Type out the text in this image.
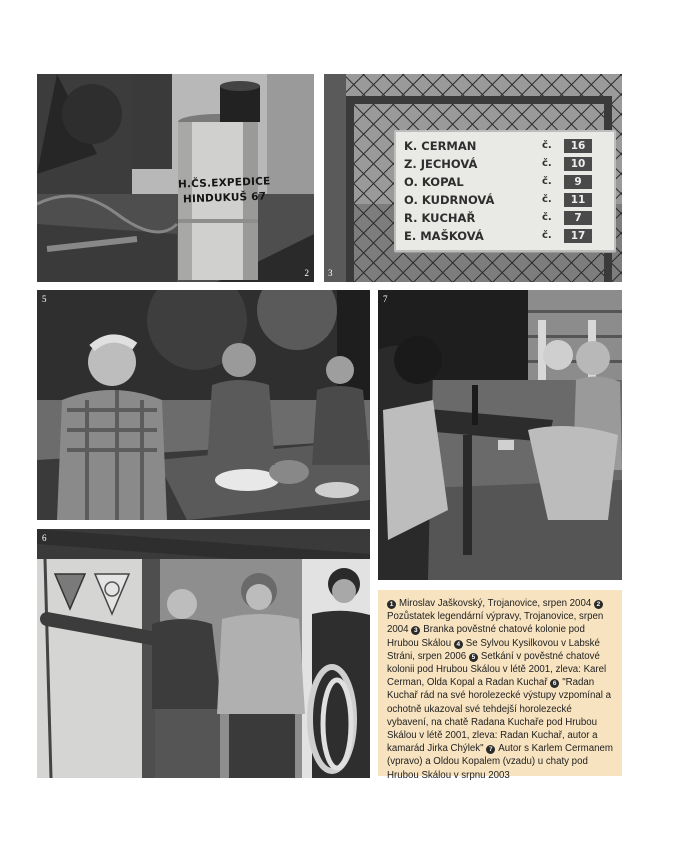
H.ČS.EXPEDICE
HINDUKUŠ 67
2
K. CERMAN	č.	16
Z. JECHOVÁ	č.	10
O. KOPAL	č.	9
O. KUDRNOVÁ	č.	11
R. KUCHAŘ	č.	7
E. MAŠKOVÁ	č.	17
3
5	7
6

1 Miroslav Jaškovský, Trojanovice, srpen 2004 2Pozůstatek legendární výpravy, Trojanovice, srpen 2004 3 Branka pověstné chatové kolonie pod Hrubou Skálou 4 Se Sylvou Kysilkovou v Labské Stráni, srpen 2006 5 Setkání v pověstné chatové kolonii pod Hrubou Skálou v létě 2001, zleva: Karel Cerman, Olda Kopal a Radan Kuchař 6 "Radan Kuchař rád na své horolezecké výstupy vzpomínal a ochotně ukazoval své tehdejší horolezecké vybavení, na chatě Radana Kuchaře pod Hrubou Skálou v létě 2001, zleva: Radan Kuchař, autor a kamarád Jirka Chýlek" 7 Autor s Karlem Cermanem (vpravo) a Oldou Kopalem (vzadu) u chaty pod Hrubou Skálou v srpnu 2003
